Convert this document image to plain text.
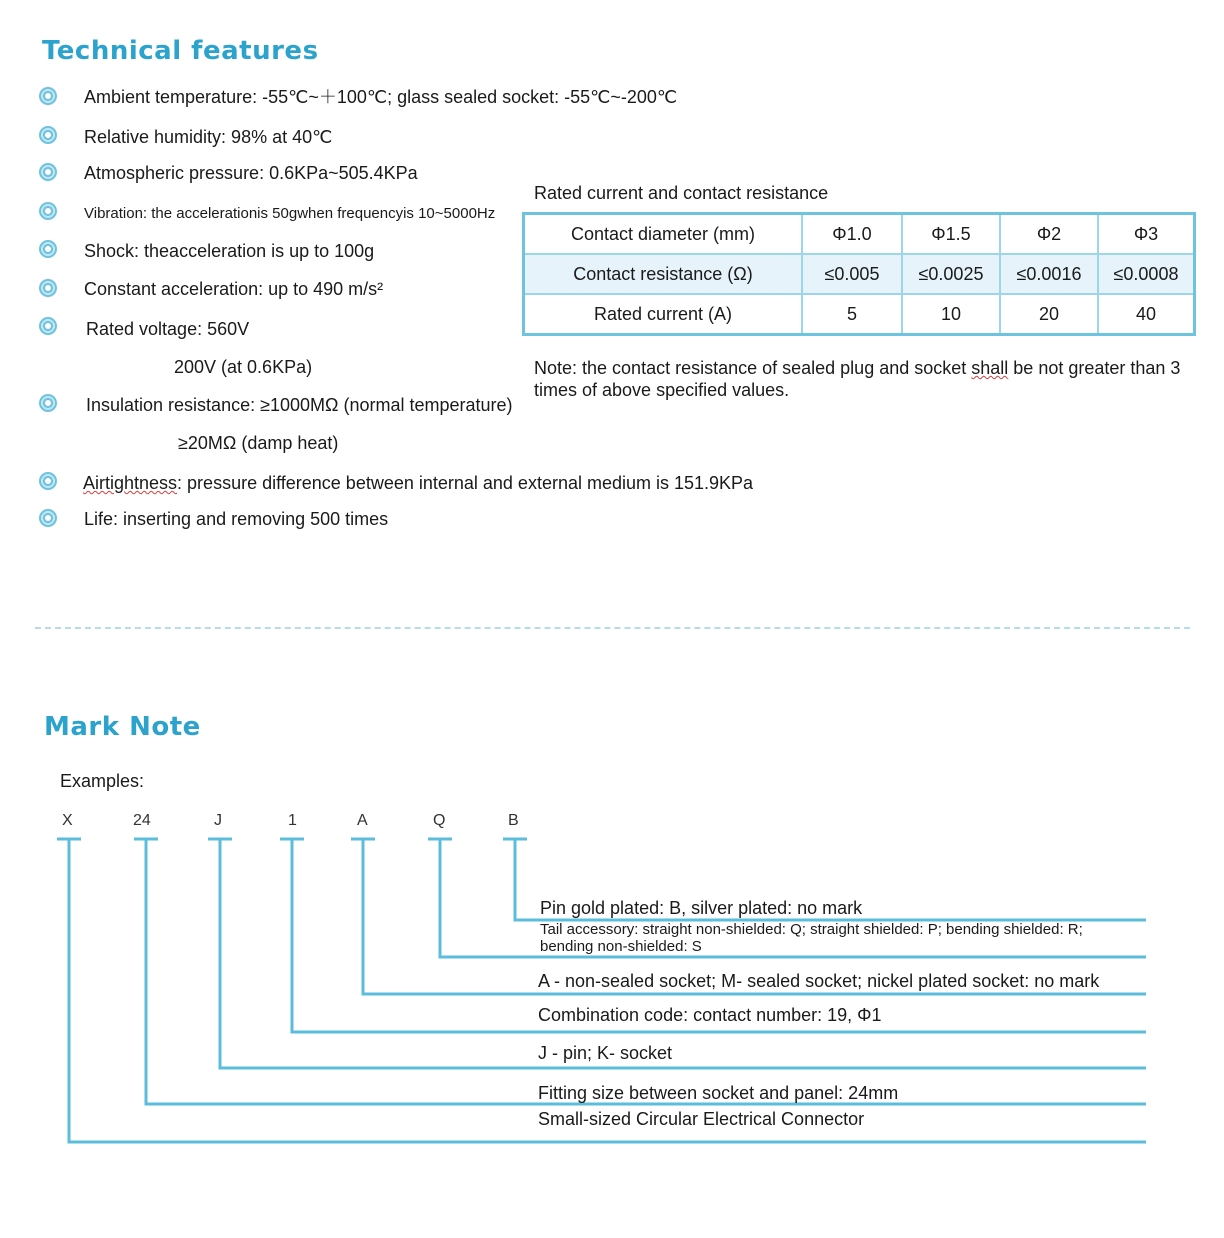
Technical features
Ambient temperature: -55℃~＋100℃; glass sealed socket: -55℃~-200℃
Relative humidity: 98% at 40℃
Atmospheric pressure: 0.6KPa~505.4KPa
Vibration: the accelerationis 50gwhen frequencyis 10~5000Hz
Shock: theacceleration is up to 100g
Constant acceleration: up to 490 m/s²
Rated voltage: 560V
200V (at 0.6KPa)
Insulation resistance: ≥1000MΩ (normal temperature)
≥20MΩ (damp heat)
Airtightness: pressure difference between internal and external medium is 151.9KPa
Life: inserting and removing 500 times
Rated current and contact resistance
Contact diameter (mm)	Φ1.0	Φ1.5	Φ2	Φ3
Contact resistance (Ω)	≤0.005	≤0.0025	≤0.0016	≤0.0008
Rated current (A)	5	10	20	40
Note: the contact resistance of sealed plug and socket shall be not greater than 3
times of above specified values.
Mark Note
Examples:
X	24	J	1	A	Q	B
Pin gold plated: B, silver plated: no mark
Tail accessory: straight non-shielded: Q; straight shielded: P; bending shielded: R;
bending non-shielded: S
A - non-sealed socket; M- sealed socket; nickel plated socket: no mark
Combination code: contact number: 19, Φ1
J - pin; K- socket
Fitting size between socket and panel: 24mm
Small-sized Circular Electrical Connector
